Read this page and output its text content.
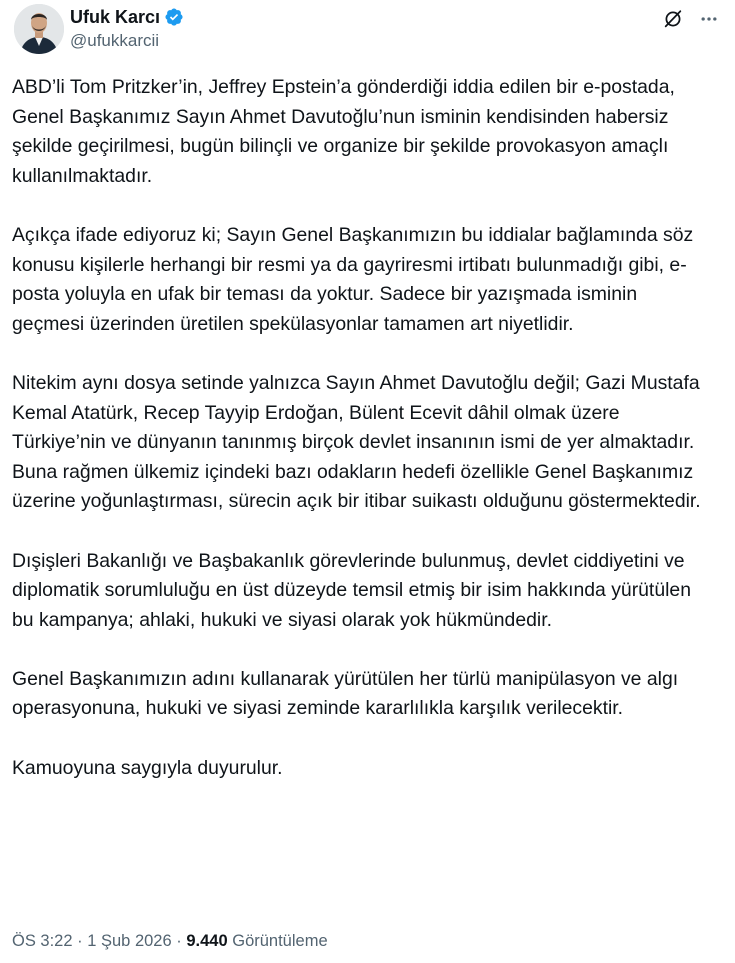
Ufuk Karcı
@ufukkarcii
ABD’li Tom Pritzker’in, Jeffrey Epstein’a gönderdiği iddia edilen bir e-postada, Genel Başkanımız Sayın Ahmet Davutoğlu’nun isminin kendisinden habersiz şekilde geçirilmesi, bugün bilinçli ve organize bir şekilde provokasyon amaçlı kullanılmaktadır.
Açıkça ifade ediyoruz ki; Sayın Genel Başkanımızın bu iddialar bağlamında söz konusu kişilerle herhangi bir resmi ya da gayriresmi irtibatı bulunmadığı gibi, e-posta yoluyla en ufak bir teması da yoktur. Sadece bir yazışmada isminin geçmesi üzerinden üretilen spekülasyonlar tamamen art niyetlidir.
Nitekim aynı dosya setinde yalnızca Sayın Ahmet Davutoğlu değil; Gazi Mustafa Kemal Atatürk, Recep Tayyip Erdoğan, Bülent Ecevit dâhil olmak üzere Türkiye’nin ve dünyanın tanınmış birçok devlet insanının ismi de yer almaktadır. Buna rağmen ülkemiz içindeki bazı odakların hedefi özellikle Genel Başkanımız üzerine yoğunlaştırması, sürecin açık bir itibar suikastı olduğunu göstermektedir.
Dışişleri Bakanlığı ve Başbakanlık görevlerinde bulunmuş, devlet ciddiyetini ve diplomatik sorumluluğu en üst düzeyde temsil etmiş bir isim hakkında yürütülen bu kampanya; ahlaki, hukuki ve siyasi olarak yok hükmündedir.
Genel Başkanımızın adını kullanarak yürütülen her türlü manipülasyon ve algı operasyonuna, hukuki ve siyasi zeminde kararlılıkla karşılık verilecektir.
Kamuoyuna saygıyla duyurulur.
ÖS 3:22 · 1 Şub 2026 · 9.440 Görüntüleme
